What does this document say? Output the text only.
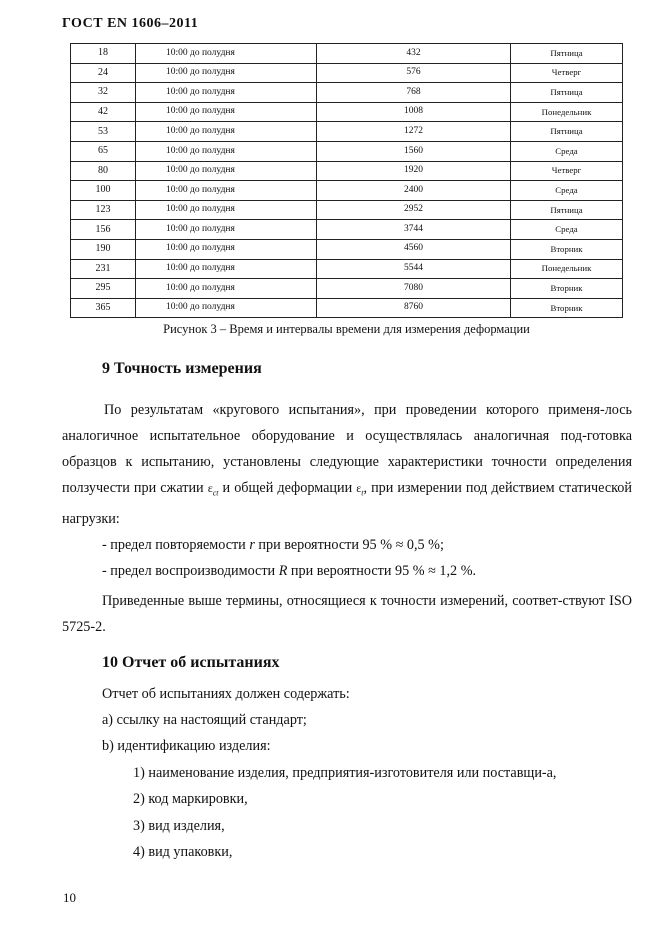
ГОСТ EN 1606–2011
18	10:00 до полудня	432	Пятница
24	10:00 до полудня	576	Четверг
32	10:00 до полудня	768	Пятница
42	10:00 до полудня	1008	Понедельник
53	10:00 до полудня	1272	Пятница
65	10:00 до полудня	1560	Среда
80	10:00 до полудня	1920	Четверг
100	10:00 до полудня	2400	Среда
123	10:00 до полудня	2952	Пятница
156	10:00 до полудня	3744	Среда
190	10:00 до полудня	4560	Вторник
231	10:00 до полудня	5544	Понедельник
295	10:00 до полудня	7080	Вторник
365	10:00 до полудня	8760	Вторник
Рисунок 3 – Время и интервалы времени для измерения деформации
9 Точность измерения
По результатам «кругового испытания», при проведении которого применя-лось аналогичное испытательное оборудование и осуществлялась аналогичная под-готовка образцов к испытанию, установлены следующие характеристики точности определения ползучести при сжатии $\varepsilon_{ct}$ и общей деформации $\varepsilon_t$, при измерении под действием статической нагрузки:
- предел повторяемости r при вероятности 95 % ≈ 0,5 %;
- предел воспроизводимости R при вероятности 95 % ≈ 1,2 %.
Приведенные выше термины, относящиеся к точности измерений, соответ-ствуют ISO 5725-2.
10 Отчет об испытаниях
Отчет об испытаниях должен содержать:
a) ссылку на настоящий стандарт;
b) идентификацию изделия:
1) наименование изделия, предприятия-изготовителя или поставщи-а,
2) код маркировки,
3) вид изделия,
4) вид упаковки,
10
